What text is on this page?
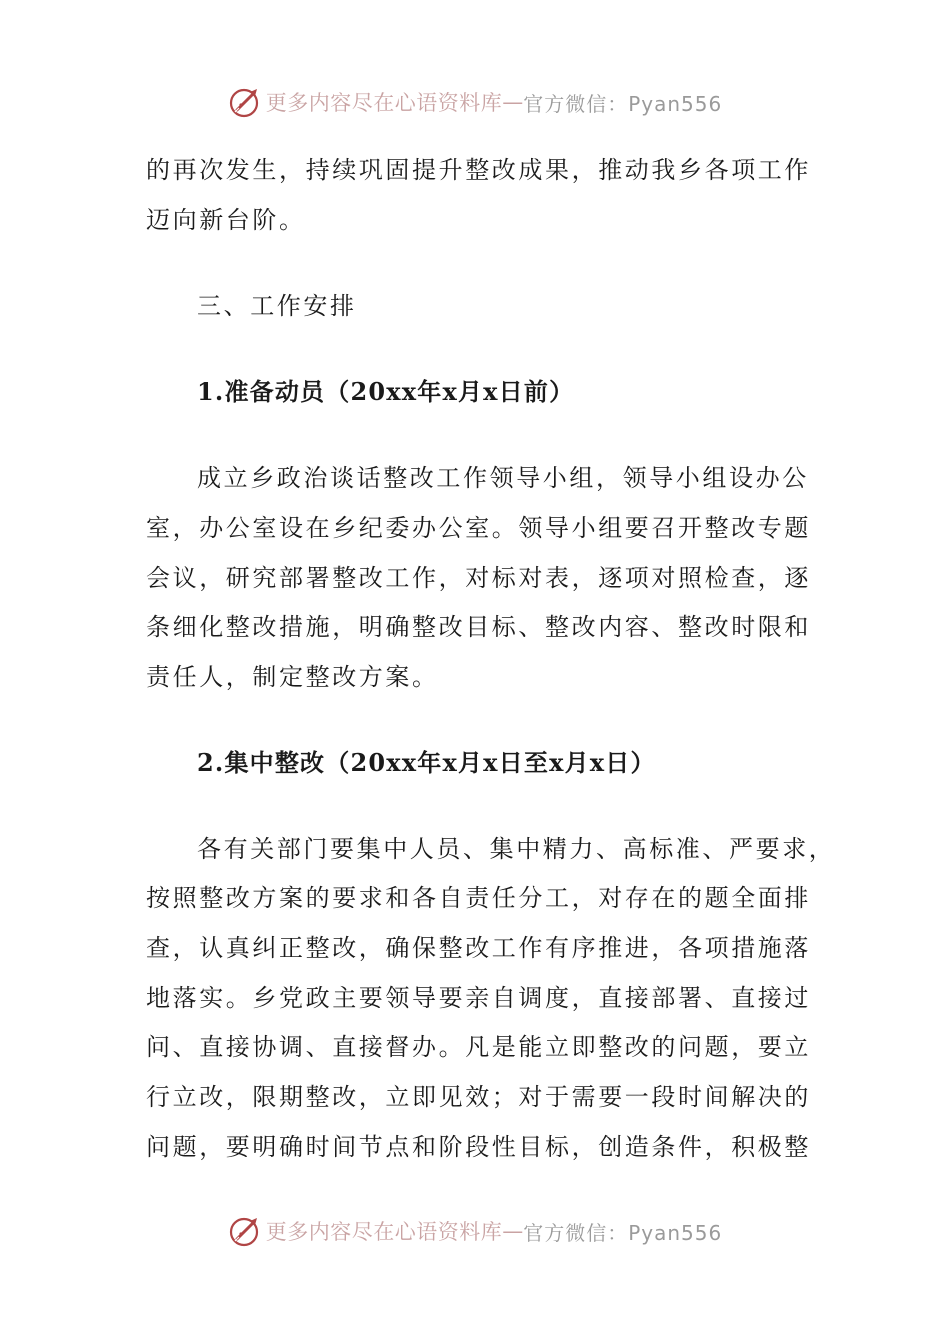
更多内容尽在心语资料库 — 官方微信：Pyan556
的再次发生，持续巩固提升整改成果，推动我乡各项工作
迈向新台阶。
三、工作安排
1.准备动员（20xx年x月x日前）
成立乡政治谈话整改工作领导小组，领导小组设办公
室，办公室设在乡纪委办公室。领导小组要召开整改专题
会议，研究部署整改工作，对标对表，逐项对照检查，逐
条细化整改措施，明确整改目标、整改内容、整改时限和
责任人，制定整改方案。
2.集中整改（20xx年x月x日至x月x日）
各有关部门要集中人员、集中精力、高标准、严要求，
按照整改方案的要求和各自责任分工，对存在的题全面排
查，认真纠正整改，确保整改工作有序推进，各项措施落
地落实。乡党政主要领导要亲自调度，直接部署、直接过
问、直接协调、直接督办。凡是能立即整改的问题，要立
行立改，限期整改，立即见效；对于需要一段时间解决的
问题，要明确时间节点和阶段性目标，创造条件，积极整
更多内容尽在心语资料库 — 官方微信：Pyan556
